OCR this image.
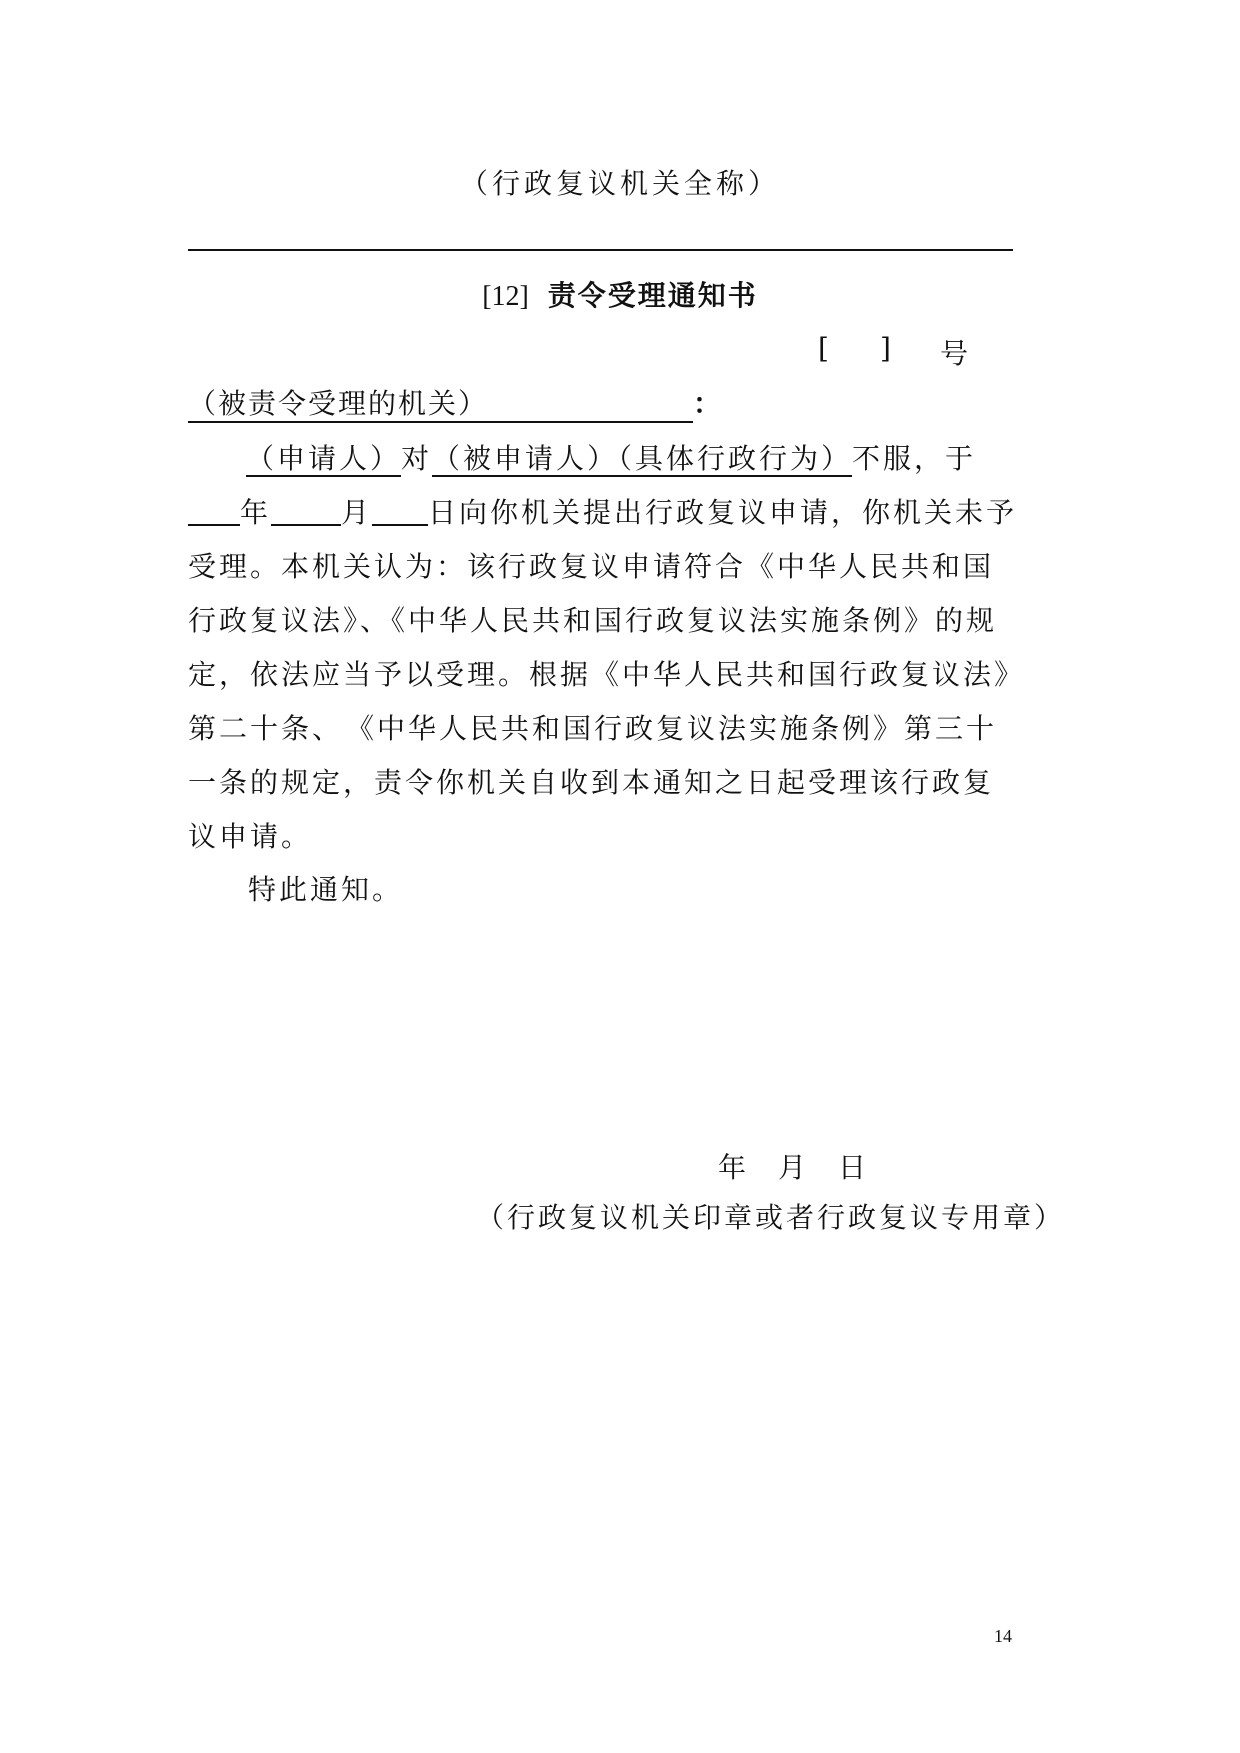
（行政复议机关全称）
[12] 责令受理通知书
[ ] 号
（被责令受理的机关）	：

（申请人）对（被申请人）（具体行政行为）不服，于年	月 日向你机关提出行政复议申请，你机关未予受理。本机关认为：该行政复议申请符合《中华人民共和国行政复议法》、《中华人民共和国行政复议法实施条例》的规定，依法应当予以受理。根据《中华人民共和国行政复议法》第二十条、　《中华人民共和国行政复议法实施条例》第三十一条的规定，责令你机关自收到本通知之日起受理该行政复议申请。

特此通知。
年 月 日
（行政复议机关印章或者行政复议专用章）
14
